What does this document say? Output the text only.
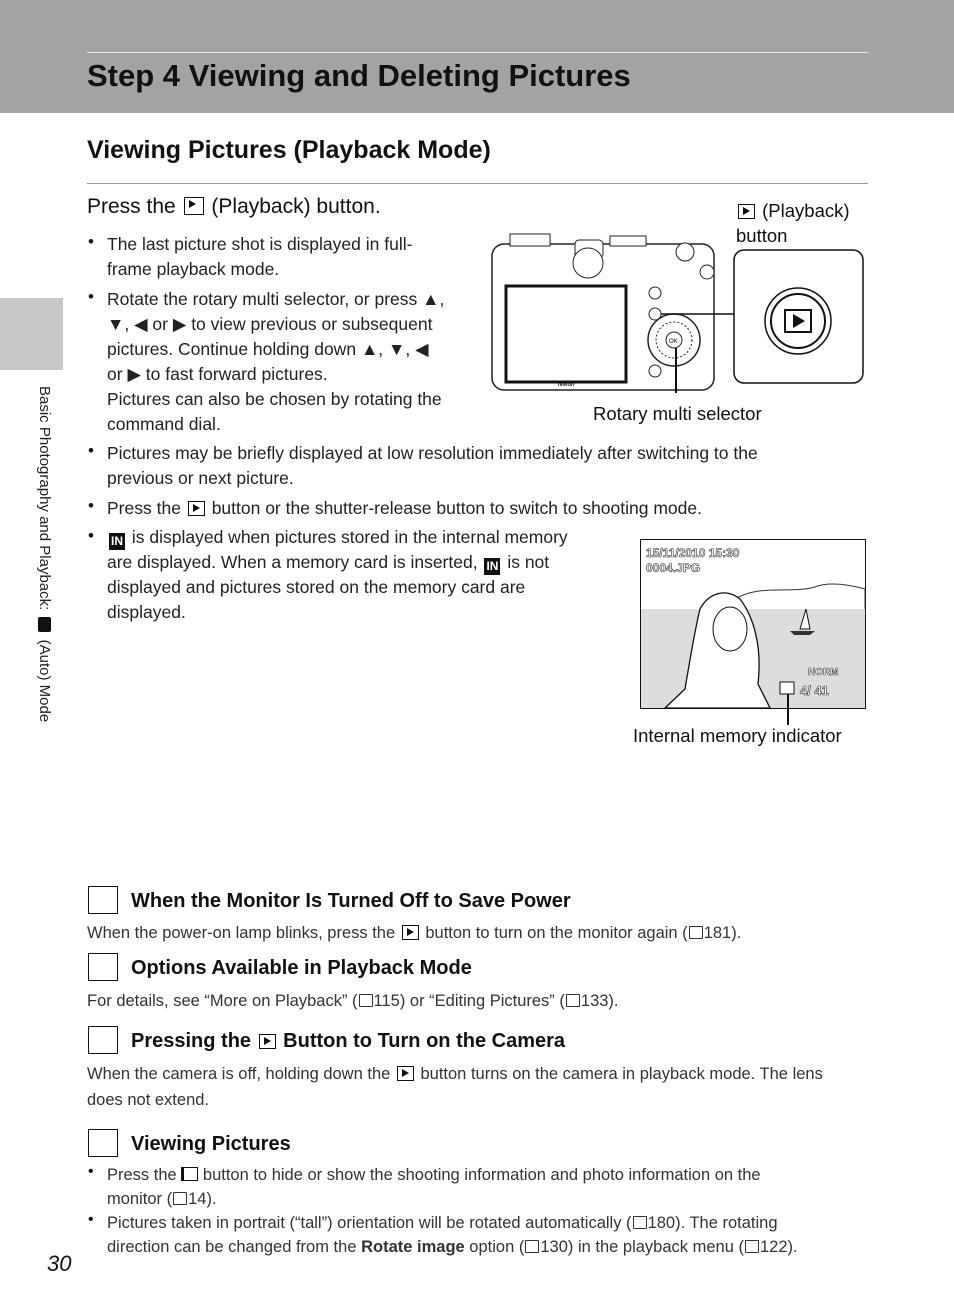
Step 4 Viewing and Deleting Pictures
Viewing Pictures (Playback Mode)
Basic Photography and Playback:  (Auto) Mode
Press the (Playback) button.
The last picture shot is displayed in full-
frame playback mode.
Rotate the rotary multi selector, or press ▲,
▼, ◀ or ▶ to view previous or subsequent
pictures. Continue holding down ▲, ▼, ◀
or ▶ to fast forward pictures.
Pictures can also be chosen by rotating the
command dial.
Pictures may be briefly displayed at low resolution immediately after switching to the
previous or next picture.
Press the button or the shutter-release button to switch to shooting mode.
IN is displayed when pictures stored in the internal memory
are displayed. When a memory card is inserted, IN is not
displayed and pictures stored on the memory card are
displayed.
•
•
•
•
•
Nikon
OK
(Playback)
button
Rotary multi selector
15/11/2010 15:30
0004.JPG
NORM
4/ 41
Internal memory indicator
When the Monitor Is Turned Off to Save Power
When the power-on lamp blinks, press the button to turn on the monitor again ( 181).
Options Available in Playback Mode
For details, see “More on Playback” ( 115) or “Editing Pictures” ( 133).
Pressing the Button to Turn on the Camera
When the camera is off, holding down the button turns on the camera in playback mode. The lens
does not extend.
Viewing Pictures
Press the button to hide or show the shooting information and photo information on the
monitor ( 14).
Pictures taken in portrait (“tall”) orientation will be rotated automatically ( 180). The rotating
direction can be changed from the Rotate image option ( 130) in the playback menu ( 122).
•
•
30
